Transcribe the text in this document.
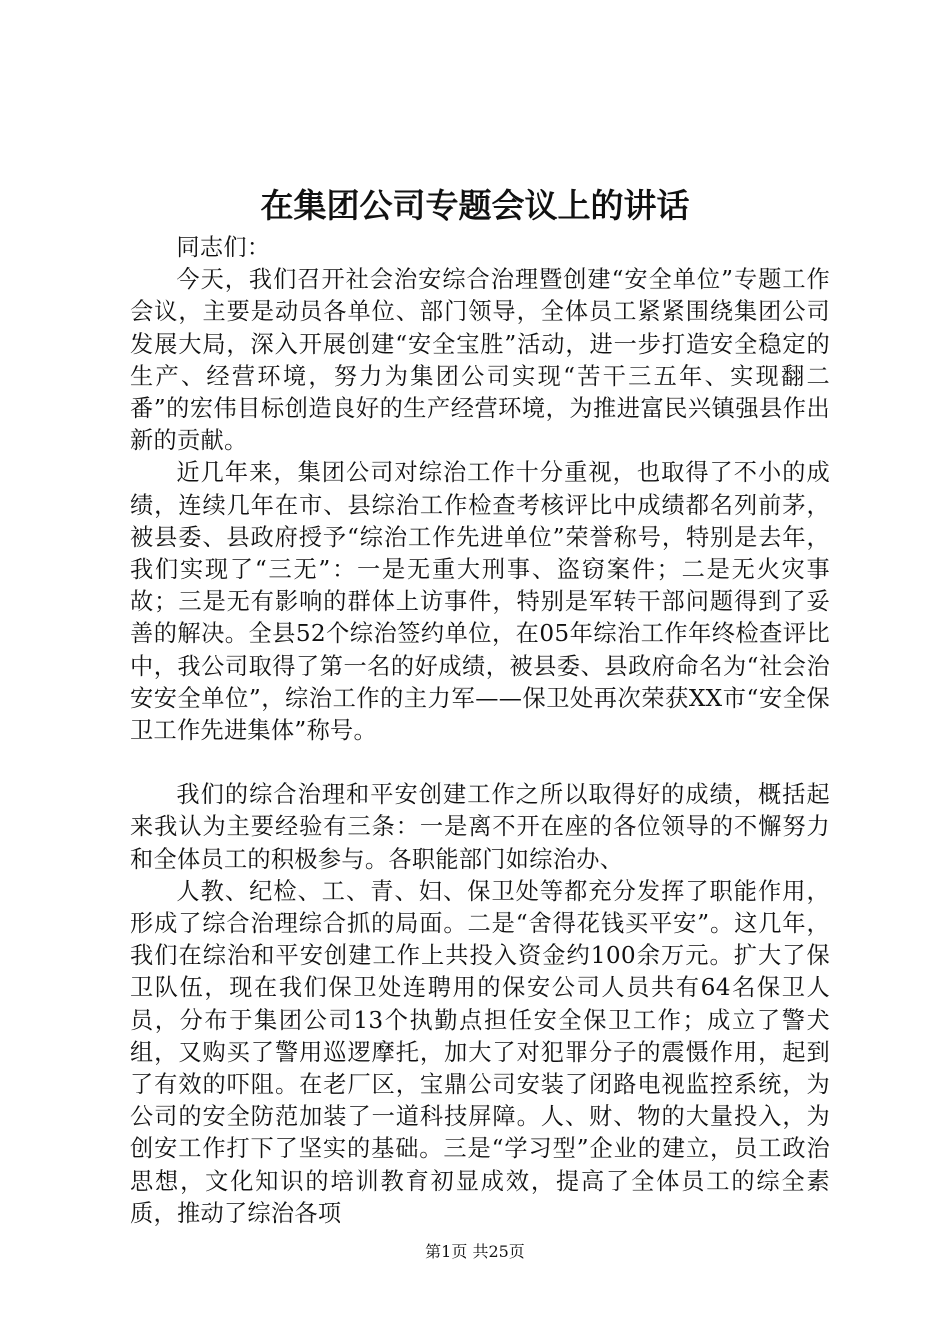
在集团公司专题会议上的讲话

同志们：

今天，我们召开社会治安综合治理暨创建“安全单位”专题工作会议，主要是动员各单位、部门领导，全体员工紧紧围绕集团公司发展大局，深入开展创建“安全宝胜”活动，进一步打造安全稳定的生产、经营环境，努力为集团公司实现“苦干三五年、实现翻二番”的宏伟目标创造良好的生产经营环境，为推进富民兴镇强县作出新的贡献。

近几年来，集团公司对综治工作十分重视，也取得了不小的成绩，连续几年在市、县综治工作检查考核评比中成绩都名列前茅，被县委、县政府授予“综治工作先进单位”荣誉称号，特别是去年，我们实现了“三无”：一是无重大刑事、盗窃案件；二是无火灾事故；三是无有影响的群体上访事件，特别是军转干部问题得到了妥善的解决。全县52个综治签约单位，在05年综治工作年终检查评比中，我公司取得了第一名的好成绩，被县委、县政府命名为“社会治安安全单位”，综治工作的主力军——保卫处再次荣获XX市“安全保卫工作先进集体”称号。

我们的综合治理和平安创建工作之所以取得好的成绩，概括起来我认为主要经验有三条：一是离不开在座的各位领导的不懈努力和全体员工的积极参与。各职能部门如综治办、

人教、纪检、工、青、妇、保卫处等都充分发挥了职能作用，形成了综合治理综合抓的局面。二是“舍得花钱买平安”。这几年，我们在综治和平安创建工作上共投入资金约100余万元。扩大了保卫队伍，现在我们保卫处连聘用的保安公司人员共有64名保卫人员，分布于集团公司13个执勤点担任安全保卫工作；成立了警犬组，又购买了警用巡逻摩托，加大了对犯罪分子的震慑作用，起到了有效的吓阻。在老厂区，宝鼎公司安装了闭路电视监控系统，为公司的安全防范加装了一道科技屏障。人、财、物的大量投入，为创安工作打下了坚实的基础。三是“学习型”企业的建立，员工政治思想，文化知识的培训教育初显成效，提高了全体员工的综全素质，推动了综治各项

第1页 共25页
